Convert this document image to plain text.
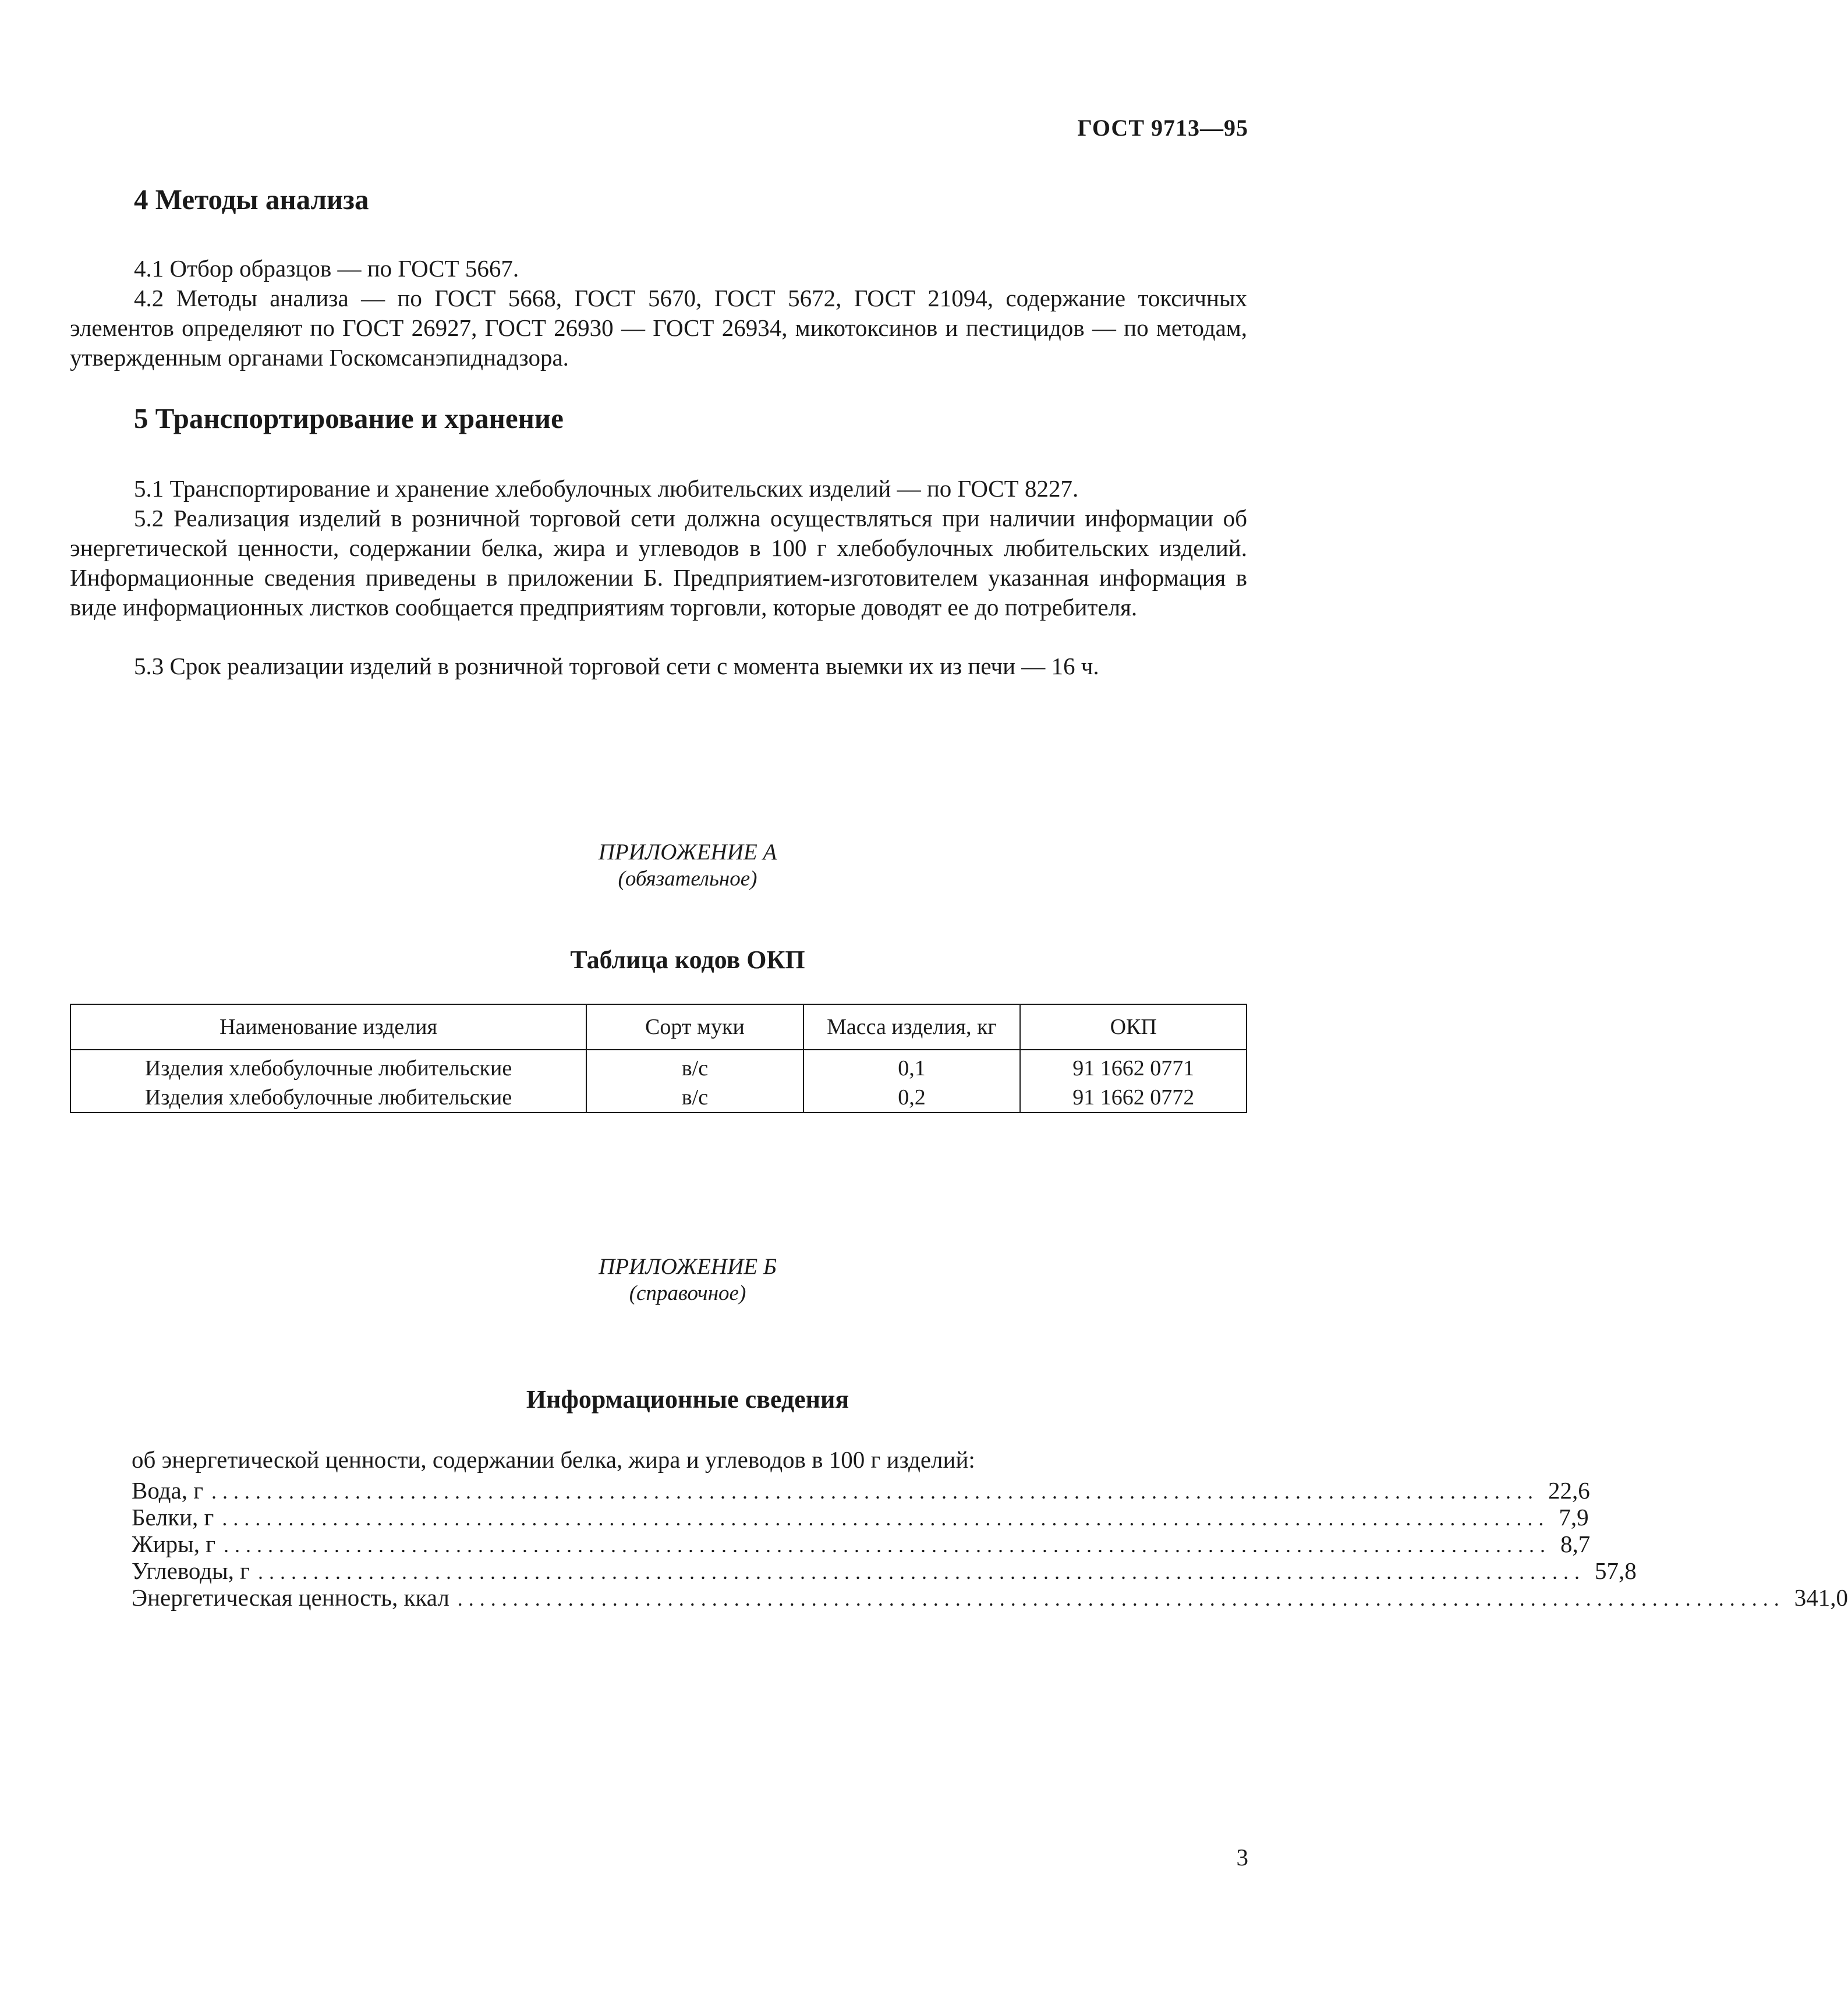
ГОСТ 9713—95
4 Методы анализа

4.1 Отбор образцов — по ГОСТ 5667.

4.2 Методы анализа — по ГОСТ 5668, ГОСТ 5670, ГОСТ 5672, ГОСТ 21094, содержание токсичных элементов определяют по ГОСТ 26927, ГОСТ 26930 — ГОСТ 26934, микотоксинов и пестицидов — по методам, утвержденным органами Госкомсанэпиднадзора.

5 Транспортирование и хранение

5.1 Транспортирование и хранение хлебобулочных любительских изделий — по ГОСТ 8227.

5.2 Реализация изделий в розничной торговой сети должна осуществляться при наличии информации об энергетической ценности, содержании белка, жира и углеводов в 100 г хлебобулочных любительских изделий. Информационные сведения приведены в приложении Б. Предприятием-изготовителем указанная информация в виде информационных листков сообщается предприятиям торговли, которые доводят ее до потребителя.

5.3 Срок реализации изделий в розничной торговой сети с момента выемки их из печи — 16 ч.

ПРИЛОЖЕНИЕ А
(обязательное)
Таблица кодов ОКП
Наименование изделия	Сорт муки	Масса изделия, кг	ОКП
Изделия хлебобулочные любительские	в/с	0,1	91 1662 0771
Изделия хлебобулочные любительские	в/с	0,2	91 1662 0772
ПРИЛОЖЕНИЕ Б
(справочное)
Информационные сведения
об энергетической ценности, содержании белка, жира и углеводов в 100 г изделий:
Вода, г ........................................................................................................................ 22,6
Белки, г ........................................................................................................................ 7,9
Жиры, г ........................................................................................................................ 8,7
Углеводы, г ........................................................................................................................ 57,8
Энергетическая ценность, ккал ........................................................................................................................ 341,0
3
